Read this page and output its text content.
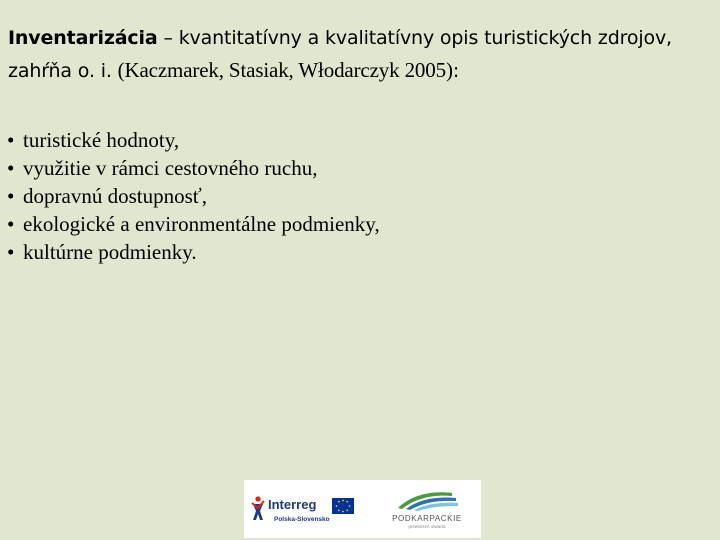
Inventarizácia – kvantitatívny a kvalitatívny opis turistických zdrojov, zahŕňa o. i. (Kaczmarek, Stasiak, Włodarczyk 2005):
• turistické hodnoty,
• využitie v rámci cestovného ruchu,
• dopravnú dostupnosť,
• ekologické a environmentálne podmienky,
• kultúrne podmienky.
Interreg
Polska-Slovensko	PODKARPACKIE
przestrzeń otwarta
